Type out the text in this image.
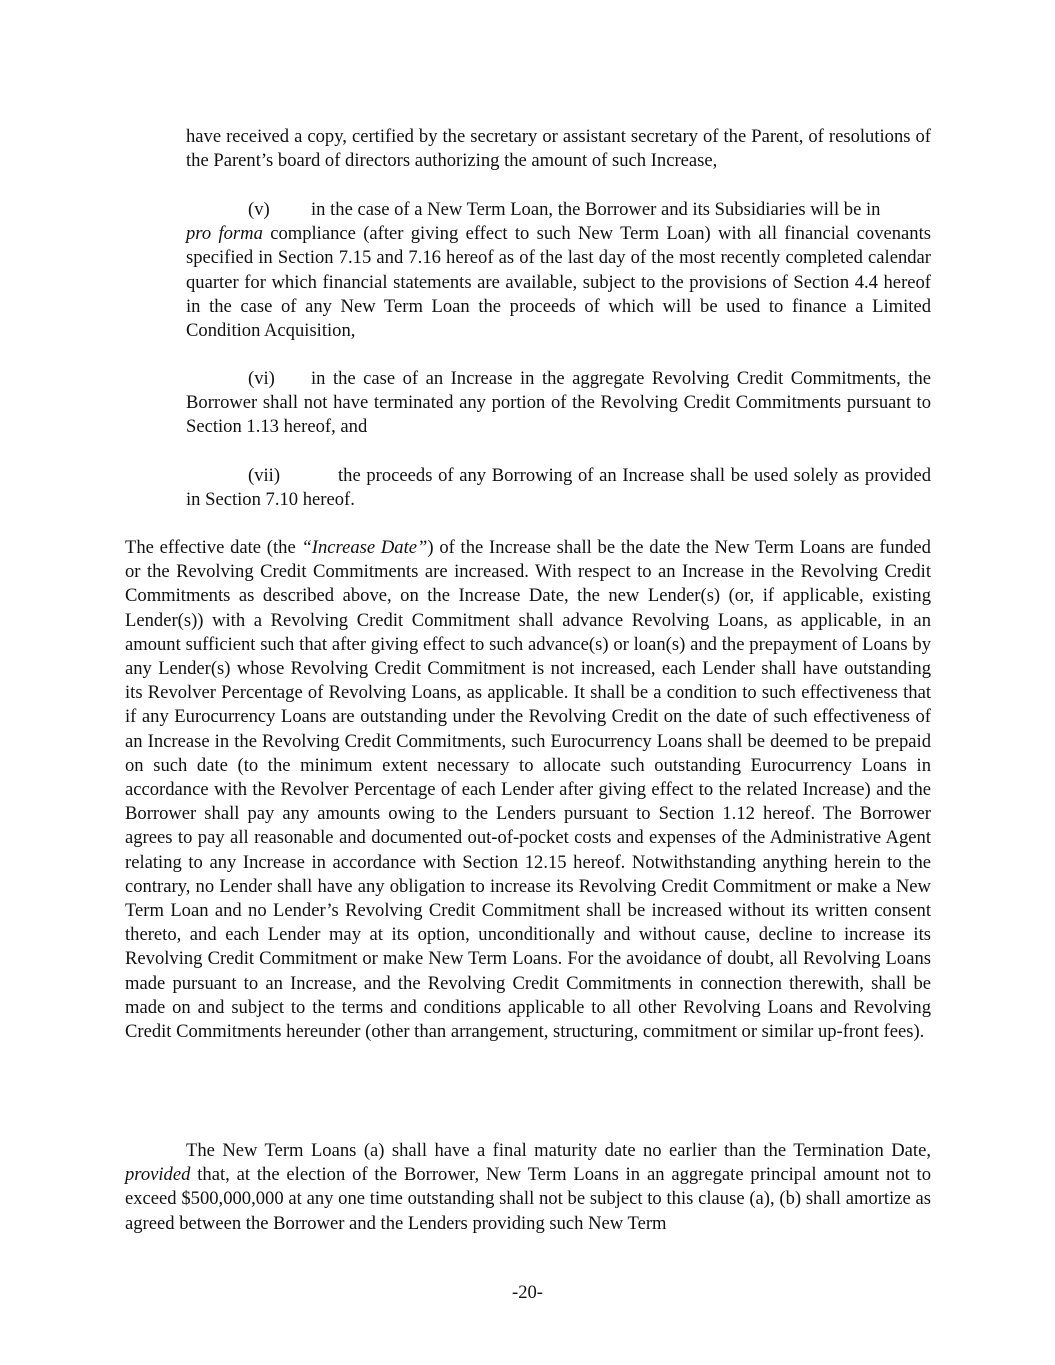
have received a copy, certified by the secretary or assistant secretary of the Parent, of resolutions of the Parent’s board of directors authorizing the amount of such Increase,

(v) in the case of a New Term Loan, the Borrower and its Subsidiaries will be in
pro forma compliance (after giving effect to such New Term Loan) with all financial covenants specified in Section 7.15 and 7.16 hereof as of the last day of the most recently completed calendar quarter for which financial statements are available, subject to the provisions of Section 4.4 hereof in the case of any New Term Loan the proceeds of which will be used to finance a Limited Condition Acquisition,

(vi) in the case of an Increase in the aggregate Revolving Credit Commitments, the Borrower shall not have terminated any portion of the Revolving Credit Commitments pursuant to Section 1.13 hereof, and

(vii)	the proceeds of any Borrowing of an Increase shall be used solely as provided in Section 7.10 hereof.

The effective date (the “Increase Date”) of the Increase shall be the date the New Term Loans are funded or the Revolving Credit Commitments are increased. With respect to an Increase in the Revolving Credit Commitments as described above, on the Increase Date, the new Lender(s) (or, if applicable, existing Lender(s)) with a Revolving Credit Commitment shall advance Revolving Loans, as applicable, in an amount sufficient such that after giving effect to such advance(s) or loan(s) and the prepayment of Loans by any Lender(s) whose Revolving Credit Commitment is not increased, each Lender shall have outstanding its Revolver Percentage of Revolving Loans, as applicable. It shall be a condition to such effectiveness that if any Eurocurrency Loans are outstanding under the Revolving Credit on the date of such effectiveness of an Increase in the Revolving Credit Commitments, such Eurocurrency Loans shall be deemed to be prepaid on such date (to the minimum extent necessary to allocate such outstanding Eurocurrency Loans in accordance with the Revolver Percentage of each Lender after giving effect to the related Increase) and the Borrower shall pay any amounts owing to the Lenders pursuant to Section 1.12 hereof. The Borrower agrees to pay all reasonable and documented out-of-pocket costs and expenses of the Administrative Agent relating to any Increase in accordance with Section 12.15 hereof. Notwithstanding anything herein to the contrary, no Lender shall have any obligation to increase its Revolving Credit Commitment or make a New Term Loan and no Lender’s Revolving Credit Commitment shall be increased without its written consent thereto, and each Lender may at its option, unconditionally and without cause, decline to increase its Revolving Credit Commitment or make New Term Loans. For the avoidance of doubt, all Revolving Loans made pursuant to an Increase, and the Revolving Credit Commitments in connection therewith, shall be made on and subject to the terms and conditions applicable to all other Revolving Loans and Revolving Credit Commitments hereunder (other than arrangement, structuring, commitment or similar up-front fees).

The New Term Loans (a) shall have a final maturity date no earlier than the Termination Date, provided that, at the election of the Borrower, New Term Loans in an aggregate principal amount not to exceed $500,000,000 at any one time outstanding shall not be subject to this clause (a), (b) shall amortize as agreed between the Borrower and the Lenders providing such New Term

-20-
